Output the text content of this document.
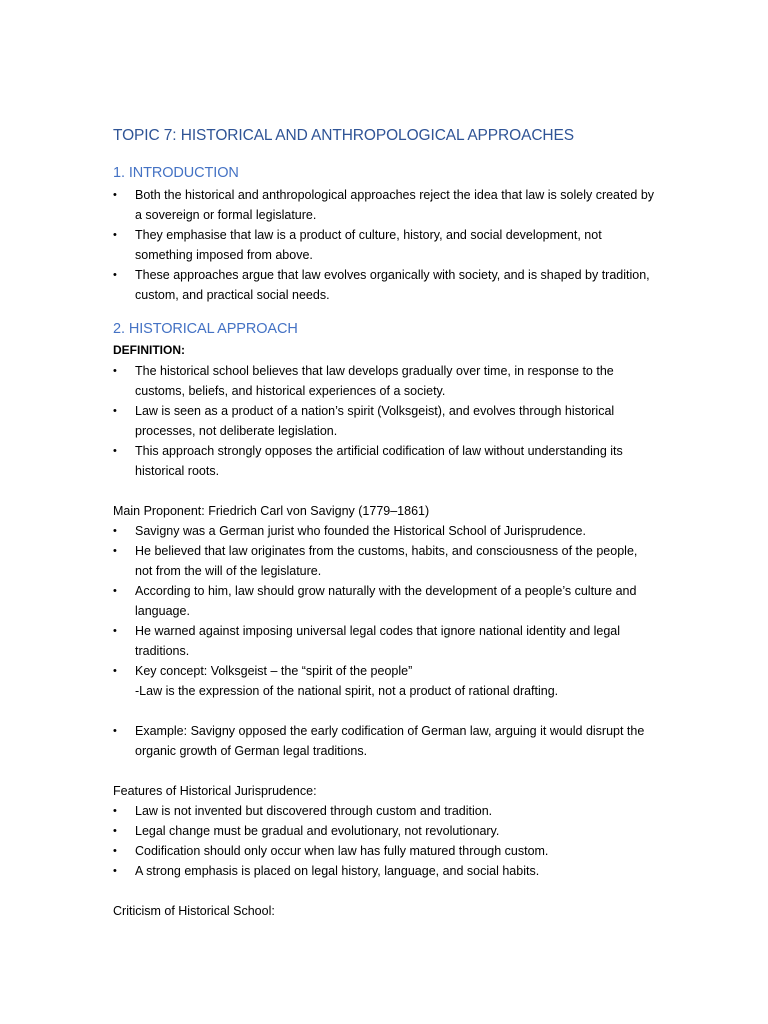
TOPIC 7: HISTORICAL AND ANTHROPOLOGICAL APPROACHES
1. INTRODUCTION
•	Both the historical and anthropological approaches reject the idea that law is solely created by a sovereign or formal legislature.
•	They emphasise that law is a product of culture, history, and social development, not something imposed from above.
•	These approaches argue that law evolves organically with society, and is shaped by tradition, custom, and practical social needs.
2. HISTORICAL APPROACH
DEFINITION:
•	The historical school believes that law develops gradually over time, in response to the customs, beliefs, and historical experiences of a society.
•	Law is seen as a product of a nation’s spirit (Volksgeist), and evolves through historical processes, not deliberate legislation.
•	This approach strongly opposes the artificial codification of law without understanding its historical roots.
Main Proponent: Friedrich Carl von Savigny (1779–1861)
•	Savigny was a German jurist who founded the Historical School of Jurisprudence.
•	He believed that law originates from the customs, habits, and consciousness of the people, not from the will of the legislature.
•	According to him, law should grow naturally with the development of a people’s culture and language.
•	He warned against imposing universal legal codes that ignore national identity and legal traditions.
•	Key concept: Volksgeist – the “spirit of the people”
-Law is the expression of the national spirit, not a product of rational drafting.
•	Example: Savigny opposed the early codification of German law, arguing it would disrupt the organic growth of German legal traditions.
Features of Historical Jurisprudence:
•	Law is not invented but discovered through custom and tradition.
•	Legal change must be gradual and evolutionary, not revolutionary.
•	Codification should only occur when law has fully matured through custom.
•	A strong emphasis is placed on legal history, language, and social habits.
Criticism of Historical School:
